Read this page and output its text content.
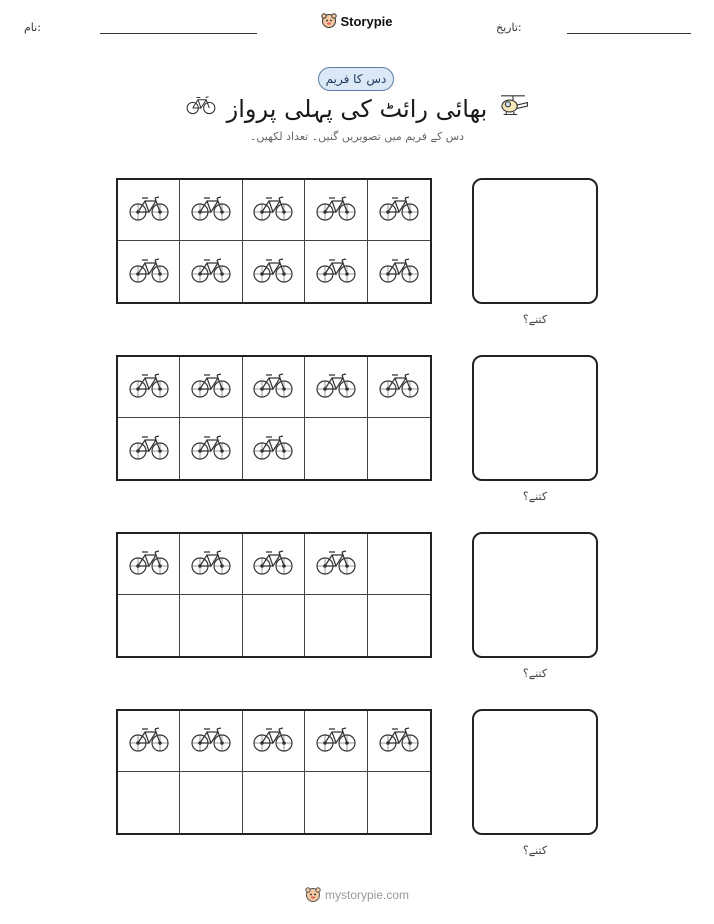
نام:	Storypie	تاریخ:
دس کا فریم
بھائی رائٹ کی پہلی پرواز
دس کے فریم میں تصویریں گنیں۔ تعداد لکھیں۔
کتنے؟
کتنے؟
کتنے؟
کتنے؟
mystorypie.com
